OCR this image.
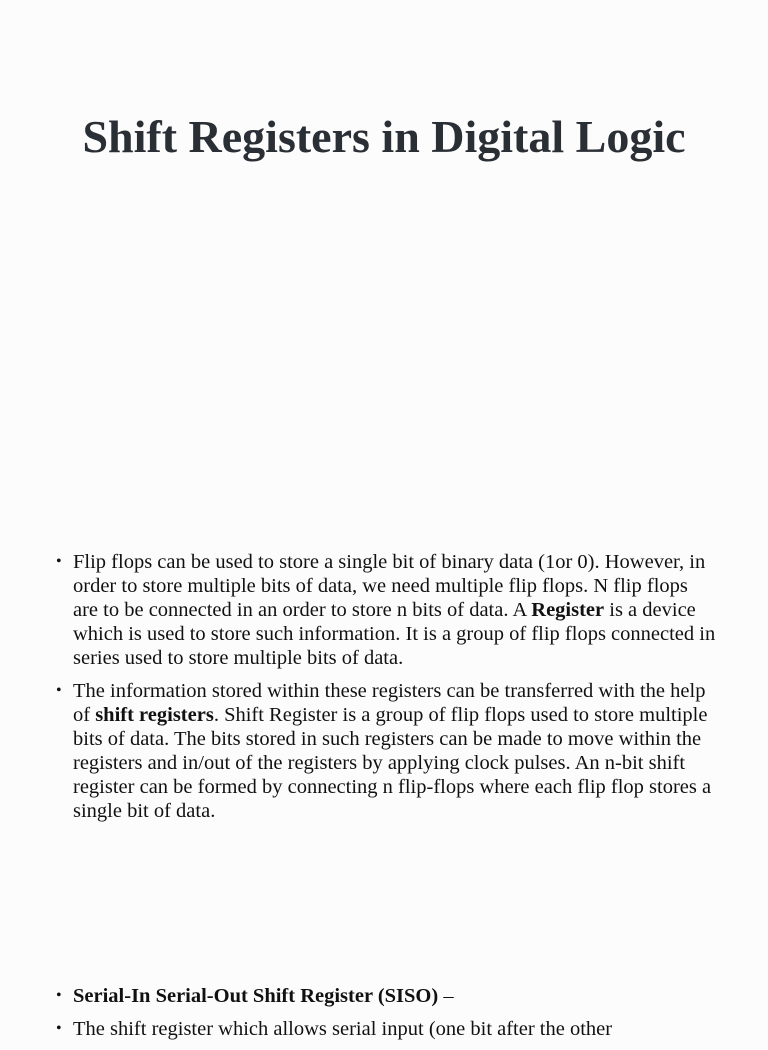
Shift Registers in Digital Logic
• Flip flops can be used to store a single bit of binary data (1or 0). However, in order to store multiple bits of data, we need multiple flip flops. N flip flops are to be connected in an order to store n bits of data. A Register is a device which is used to store such information. It is a group of flip flops connected in series used to store multiple bits of data.
• The information stored within these registers can be transferred with the help of shift registers. Shift Register is a group of flip flops used to store multiple bits of data. The bits stored in such registers can be made to move within the registers and in/out of the registers by applying clock pulses. An n-bit shift register can be formed by connecting n flip-flops where each flip flop stores a single bit of data.
• Serial-In Serial-Out Shift Register (SISO) –
• The shift register which allows serial input (one bit after the other
